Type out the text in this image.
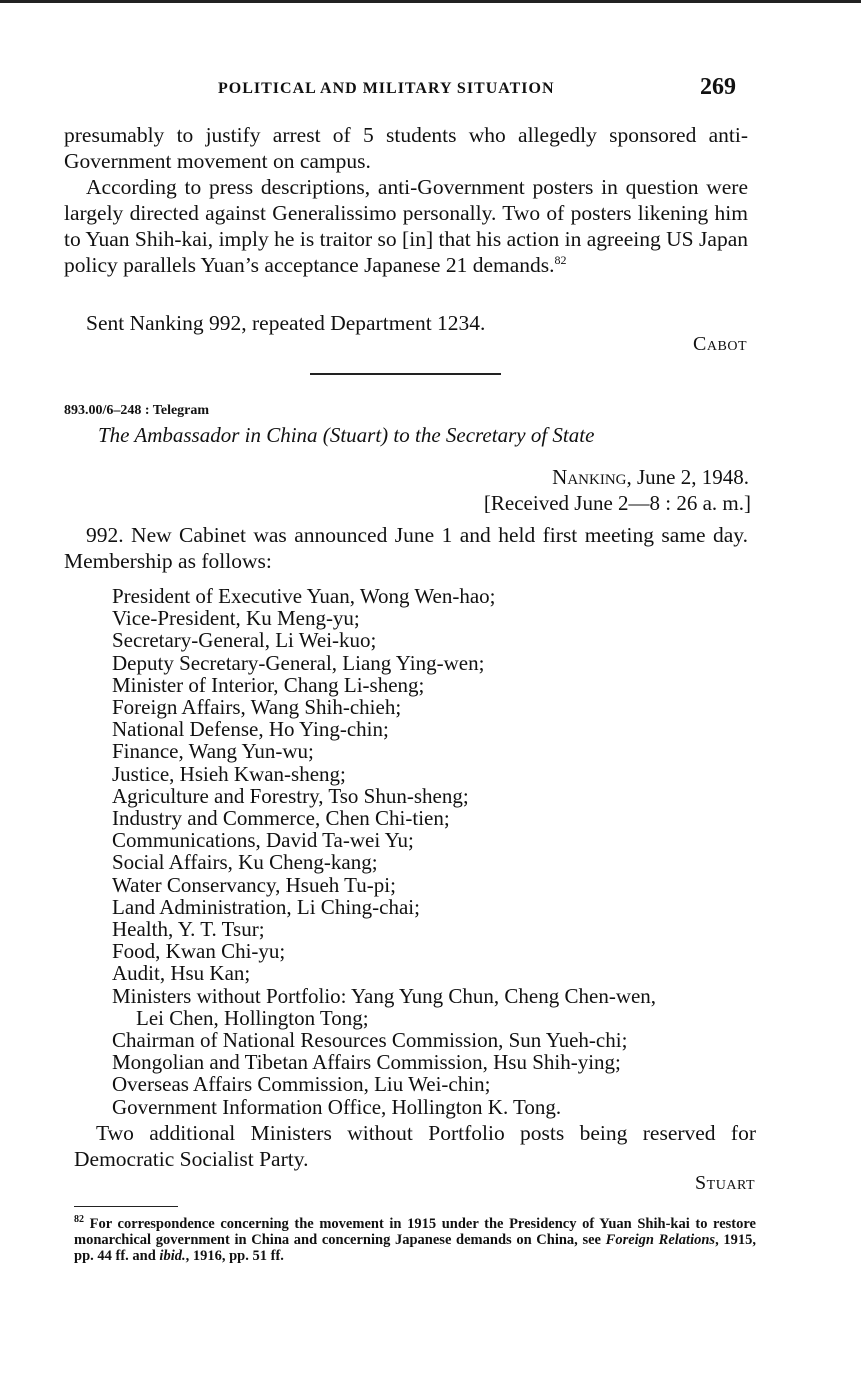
POLITICAL AND MILITARY SITUATION	269

presumably to justify arrest of 5 students who allegedly sponsored anti-Government movement on campus.

According to press descriptions, anti-Government posters in question were largely directed against Generalissimo personally. Two of posters likening him to Yuan Shih-kai, imply he is traitor so [in] that his action in agreeing US Japan policy parallels Yuan’s acceptance Japanese 21 demands.$^{82}$

Sent Nanking 992, repeated Department 1234.

Cabot
893.00/6–248 : Telegram
The Ambassador in China (Stuart) to the Secretary of State
Nanking, June 2, 1948.
[Received June 2—8 : 26 a. m.]

992. New Cabinet was announced June 1 and held first meeting same day. Membership as follows:

President of Executive Yuan, Wong Wen-hao;
Vice-President, Ku Meng-yu;
Secretary-General, Li Wei-kuo;
Deputy Secretary-General, Liang Ying-wen;
Minister of Interior, Chang Li-sheng;
Foreign Affairs, Wang Shih-chieh;
National Defense, Ho Ying-chin;
Finance, Wang Yun-wu;
Justice, Hsieh Kwan-sheng;
Agriculture and Forestry, Tso Shun-sheng;
Industry and Commerce, Chen Chi-tien;
Communications, David Ta-wei Yu;
Social Affairs, Ku Cheng-kang;
Water Conservancy, Hsueh Tu-pi;
Land Administration, Li Ching-chai;
Health, Y. T. Tsur;
Food, Kwan Chi-yu;
Audit, Hsu Kan;
Ministers without Portfolio: Yang Yung Chun, Cheng Chen-wen,
Lei Chen, Hollington Tong;
Chairman of National Resources Commission, Sun Yueh-chi;
Mongolian and Tibetan Affairs Commission, Hsu Shih-ying;
Overseas Affairs Commission, Liu Wei-chin;
Government Information Office, Hollington K. Tong.

Two additional Ministers without Portfolio posts being reserved for Democratic Socialist Party.

Stuart
$^{82}$ For correspondence concerning the movement in 1915 under the Presidency of Yuan Shih-kai to restore monarchical government in China and concerning Japanese demands on China, see Foreign Relations, 1915, pp. 44 ff. and ibid., 1916, pp. 51 ff.
